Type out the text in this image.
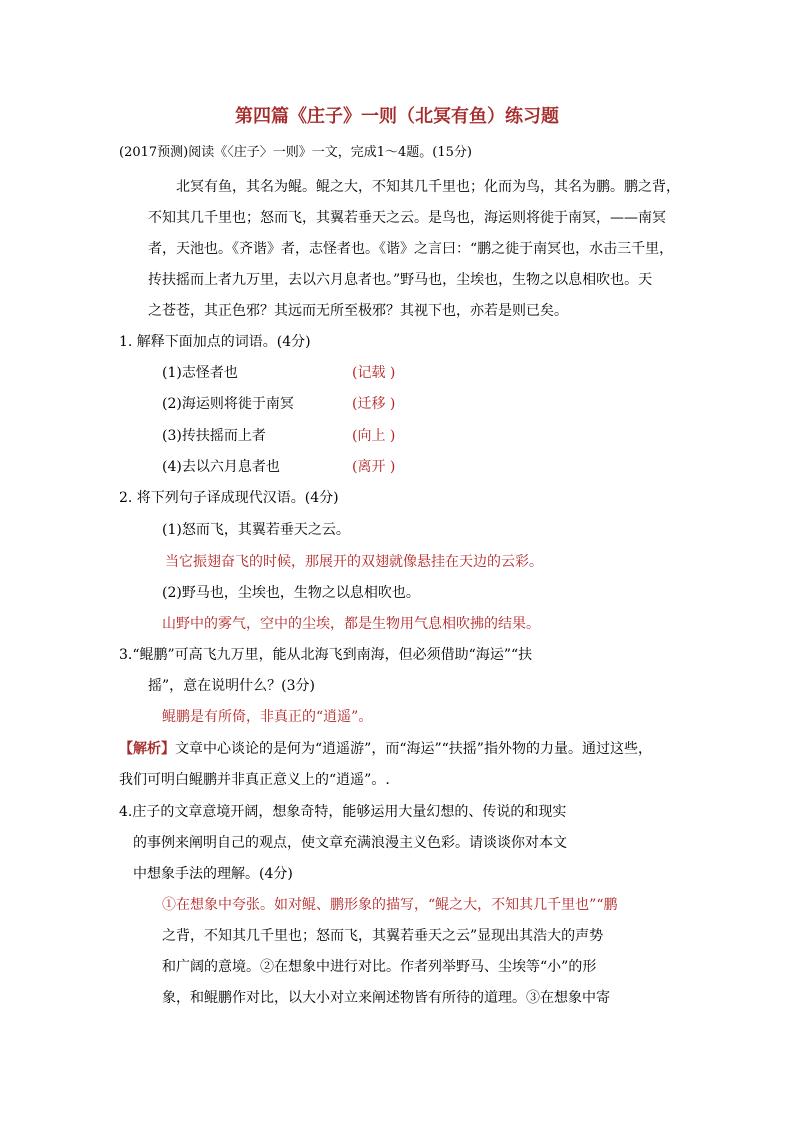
第四篇《庄子》一则（北冥有鱼）练习题
(2017预测)阅读《〈庄子〉一则》一文，完成1～4题。(15分)
北冥有鱼，其名为鲲。鲲之大，不知其几千里也；化而为鸟，其名为鹏。鹏之背，
不知其几千里也；怒而飞，其翼若垂天之云。是鸟也，海运则将徙于南冥，——南冥
者，天池也。《齐谐》者，志怪者也。《谐》之言曰：“鹏之徙于南冥也，水击三千里，
抟扶摇而上者九万里，去以六月息者也。”野马也，尘埃也，生物之以息相吹也。天
之苍苍，其正色邪？其远而无所至极邪？其视下也，亦若是则已矣。
1. 解释下面加点的词语。(4分)
(1)志怪者也	(记载 )
(2)海运则将徙于南冥	(迁移 )
(3)抟扶摇而上者	(向上 )
(4)去以六月息者也	(离开 )
2. 将下列句子译成现代汉语。(4分)
(1)怒而飞，其翼若垂天之云。
当它振翅奋飞的时候，那展开的双翅就像悬挂在天边的云彩。
(2)野马也，尘埃也，生物之以息相吹也。
山野中的雾气，空中的尘埃，都是生物用气息相吹拂的结果。
3.“鲲鹏”可高飞九万里，能从北海飞到南海，但必须借助“海运”“扶
摇”，意在说明什么？(3分)
鲲鹏是有所倚，非真正的“逍遥”。
【解析】文章中心谈论的是何为“逍遥游”，而“海运”“扶摇”指外物的力量。通过这些，
我们可明白鲲鹏并非真正意义上的“逍遥”。.
4.庄子的文章意境开阔，想象奇特，能够运用大量幻想的、传说的和现实
的事例来阐明自己的观点，使文章充满浪漫主义色彩。请谈谈你对本文
中想象手法的理解。(4分)
①在想象中夸张。如对鲲、鹏形象的描写，“鲲之大，不知其几千里也”“鹏
之背，不知其几千里也；怒而飞，其翼若垂天之云”显现出其浩大的声势
和广阔的意境。②在想象中进行对比。作者列举野马、尘埃等“小”的形
象，和鲲鹏作对比，以大小对立来阐述物皆有所待的道理。③在想象中寄
